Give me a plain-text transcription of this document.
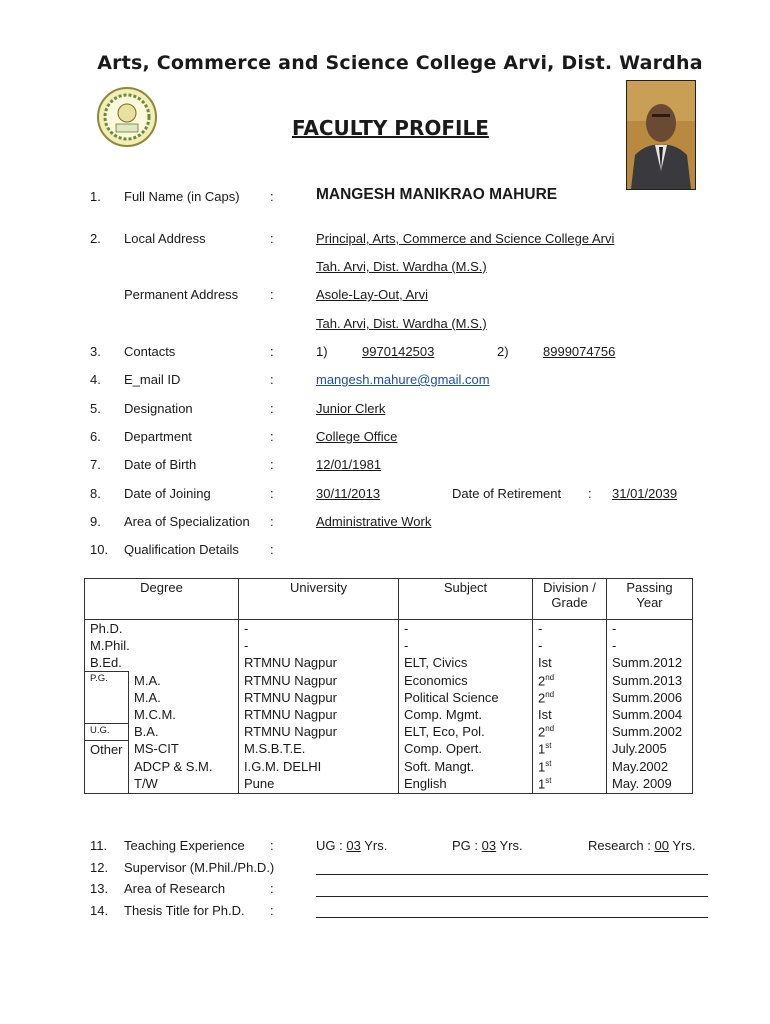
Arts, Commerce and Science College Arvi, Dist. Wardha
FACULTY PROFILE
1. Full Name (in Caps) :	MANGESH MANIKRAO MAHURE
2. Local Address	:	Principal, Arts, Commerce and Science College Arvi
Tah. Arvi, Dist. Wardha (M.S.)
Permanent Address :	Asole-Lay-Out, Arvi
Tah. Arvi, Dist. Wardha (M.S.)
3. Contacts	:	1)	9970142503	2)	8999074756
4. E_mail ID	:	mangesh.mahure@gmail.com
5. Designation	:	Junior Clerk
6. Department	:	College Office
7. Date of Birth	:	12/01/1981
8. Date of Joining	:	30/11/2013	Date of Retirement : 31/01/2039
9. Area of Specialization :	Administrative Work
10. Qualification Details :
Degree		University	Subject	Division / Grade	Passing Year
Ph.D.		-	-	-	-
M.Phil.		-	-	-	-
B.Ed.		RTMNU Nagpur	ELT, Civics	Ist	Summ.2012
P.G.	M.A.	RTMNU Nagpur	Economics	2nd	Summ.2013
	M.A.	RTMNU Nagpur	Political Science	2nd	Summ.2006
	M.C.M.	RTMNU Nagpur	Comp. Mgmt.	Ist	Summ.2004
U.G.	B.A.	RTMNU Nagpur	ELT, Eco, Pol.	2nd	Summ.2002
Other	MS-CIT	M.S.B.T.E.	Comp. Opert.	1st	July.2005
	ADCP & S.M.	I.G.M. DELHI	Soft. Mangt.	1st	May.2002
	T/W	Pune	English	1st	May. 2009
11. Teaching Experience :	UG : 03 Yrs.	PG : 03 Yrs.	Research : 00 Yrs.
12. Supervisor (M.Phil./Ph.D.)
13. Area of Research	:
14. Thesis Title for Ph.D. :
